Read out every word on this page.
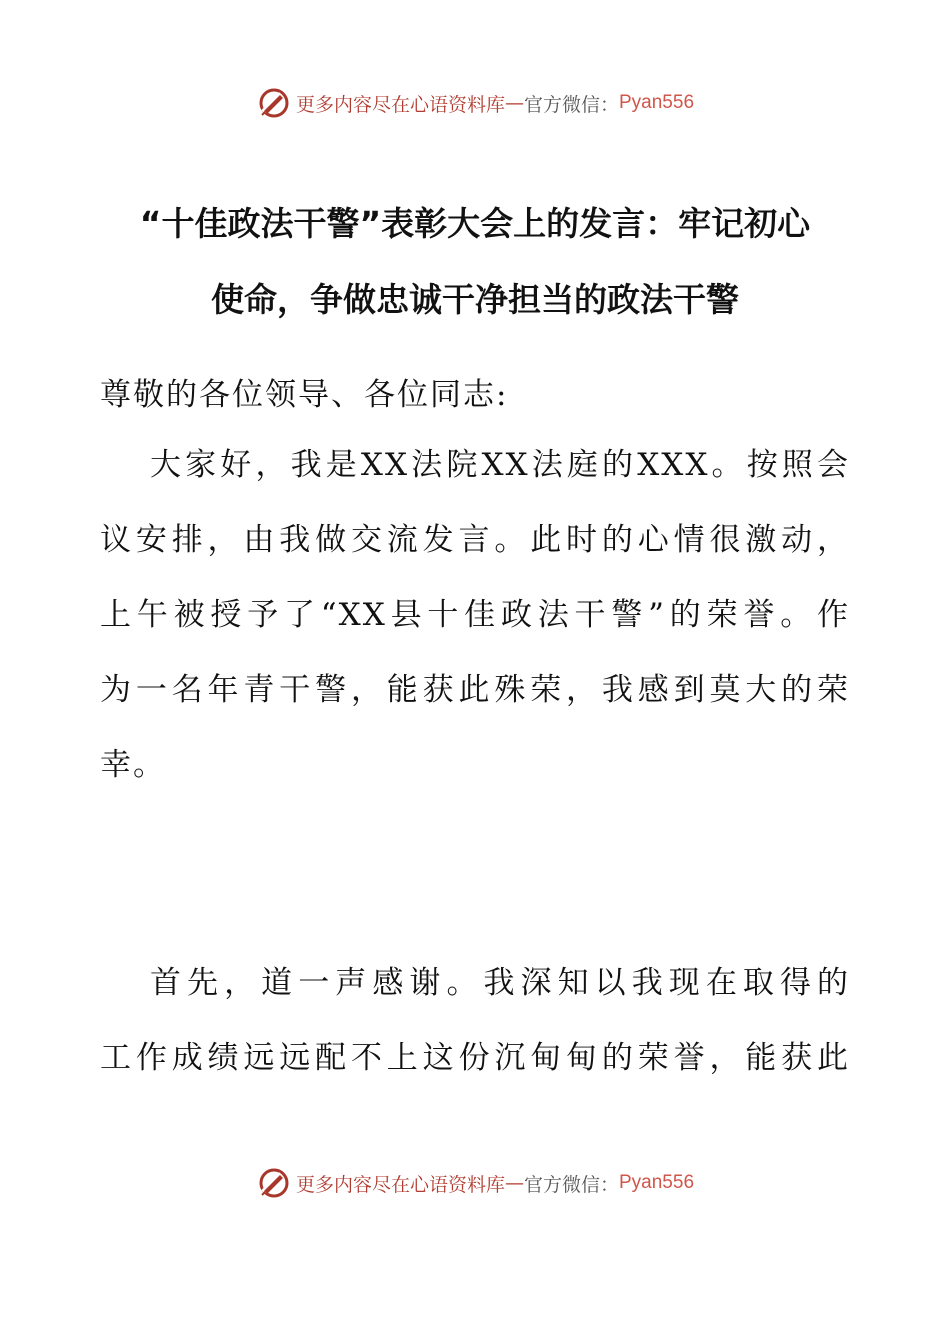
更多内容尽在心语资料库 — 官方微信： Pyan556
“十佳政法干警”表彰大会上的发言：牢记初心
使命，争做忠诚干净担当的政法干警
尊敬的各位领导、各位同志:
大家好，我是XX法院XX法庭的XXX。按照会
议安排，由我做交流发言。此时的心情很激动，
上午被授予了“XX县十佳政法干警”的荣誉。作
为一名年青干警，能获此殊荣，我感到莫大的荣
幸。
首先，道一声感谢。我深知以我现在取得的
工作成绩远远配不上这份沉甸甸的荣誉，能获此
更多内容尽在心语资料库 — 官方微信： Pyan556
